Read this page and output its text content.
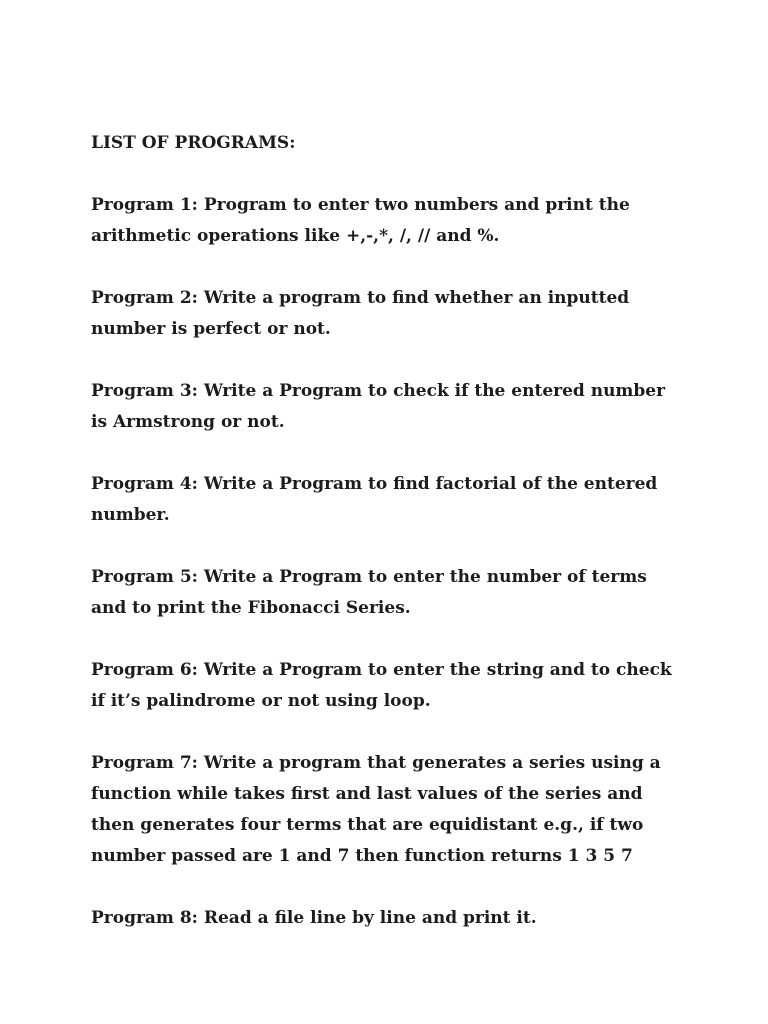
LIST OF PROGRAMS:

Program 1: Program to enter two numbers and print the

arithmetic operations like +,-,*, /, // and %.

Program 2: Write a program to find whether an inputted

number is perfect or not.

Program 3: Write a Program to check if the entered number

is Armstrong or not.

Program 4: Write a Program to find factorial of the entered

number.

Program 5: Write a Program to enter the number of terms

and to print the Fibonacci Series.

Program 6: Write a Program to enter the string and to check

if it’s palindrome or not using loop.

Program 7: Write a program that generates a series using a

function while takes first and last values of the series and

then generates four terms that are equidistant e.g., if two

number passed are 1 and 7 then function returns 1 3 5 7

Program 8: Read a file line by line and print it.
